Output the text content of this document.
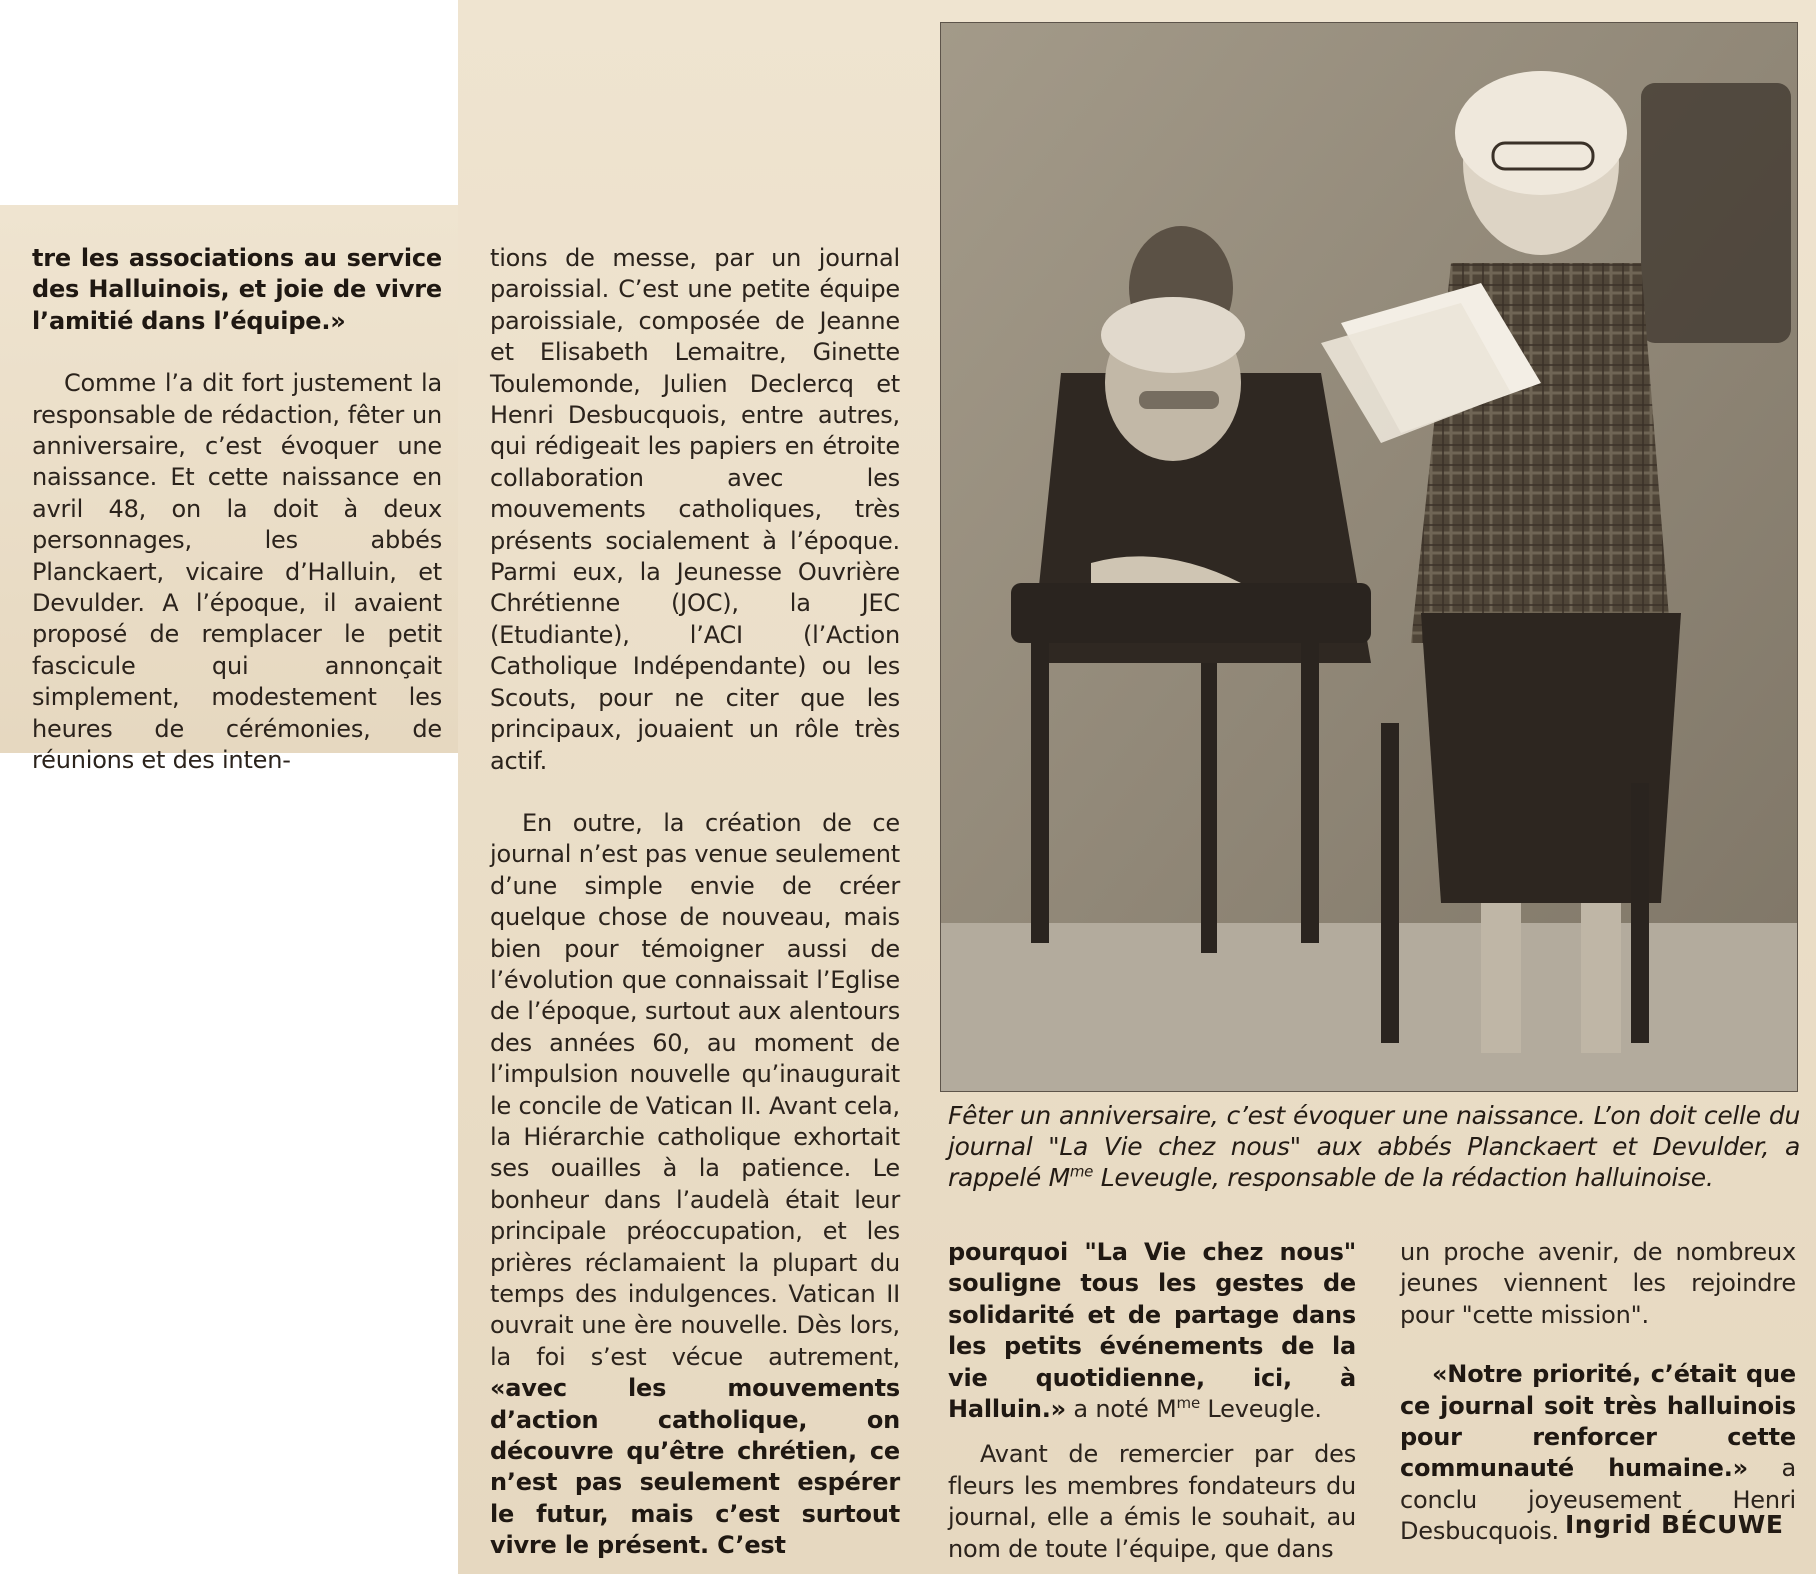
tre les associations au service des Halluinois, et joie de vivre l’amitié dans l’équipe.»

Comme l’a dit fort justement la responsable de rédaction, fêter un anniversaire, c’est évoquer une naissance. Et cette naissance en avril 48, on la doit à deux personnages, les abbés Planckaert, vicaire d’Halluin, et Devulder. A l’époque, il avaient proposé de remplacer le petit fascicule qui annonçait simplement, modestement les heures de cérémonies, de réunions et des inten-

tions de messe, par un journal paroissial. C’est une petite équipe paroissiale, composée de Jeanne et Elisabeth Lemaitre, Ginette Toulemonde, Julien Declercq et Henri Desbucquois, entre autres, qui rédigeait les papiers en étroite collaboration avec les mouvements catholiques, très présents socialement à l’époque. Parmi eux, la Jeunesse Ouvrière Chrétienne (JOC), la JEC (Etudiante), l’ACI (l’Action Catholique Indépendante) ou les Scouts, pour ne citer que les principaux, jouaient un rôle très actif.

En outre, la création de ce journal n’est pas venue seulement d’une simple envie de créer quelque chose de nouveau, mais bien pour témoigner aussi de l’évolution que connaissait l’Eglise de l’époque, surtout aux alentours des années 60, au moment de l’impulsion nouvelle qu’inaugurait le concile de Vatican II. Avant cela, la Hiérarchie catholique exhortait ses ouailles à la patience. Le bonheur dans l’audelà était leur principale préoccupation, et les prières réclamaient la plupart du temps des indulgences. Vatican II ouvrait une ère nouvelle. Dès lors, la foi s’est vécue autrement, «avec les mouvements d’action catholique, on découvre qu’être chrétien, ce n’est pas seulement espérer le futur, mais c’est surtout vivre le présent. C’est

Fêter un anniversaire, c’est évoquer une naissance. L’on doit celle du journal "La Vie chez nous" aux abbés Planckaert et Devulder, a rappelé $M^{me}$ Leveugle, responsable de la rédaction halluinoise.

pourquoi "La Vie chez nous" souligne tous les gestes de solidarité et de partage dans les petits événements de la vie quotidienne, ici, à Halluin.» a noté $M^{me}$ Leveugle.

Avant de remercier par des fleurs les membres fondateurs du journal, elle a émis le souhait, au nom de toute l’équipe, que dans

un proche avenir, de nombreux jeunes viennent les rejoindre pour "cette mission".

«Notre priorité, c’était que ce journal soit très halluinois pour renforcer cette communauté humaine.» a conclu joyeusement Henri Desbucquois. Ingrid BÉCUWE
